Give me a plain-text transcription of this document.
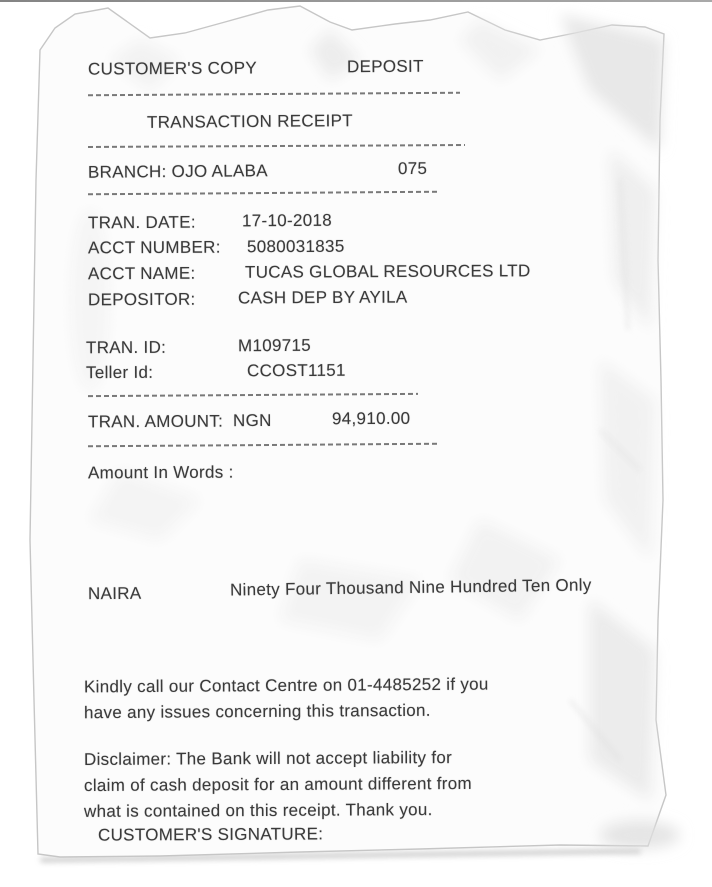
CUSTOMER'S COPY	DEPOSIT
TRANSACTION RECEIPT
BRANCH: OJO ALABA	075
TRAN. DATE:	17-10-2018
ACCT NUMBER: 5080031835
ACCT NAME:	TUCAS GLOBAL RESOURCES LTD
DEPOSITOR: CASH DEP BY AYILA
TRAN. ID:	M109715
Teller Id:	CCOST1151
TRAN. AMOUNT: NGN	94,910.00
Amount In Words :
NAIRA	Ninety Four Thousand Nine Hundred Ten Only
Kindly call our Contact Centre on 01-4485252 if you
have any issues concerning this transaction.
Disclaimer: The Bank will not accept liability for
claim of cash deposit for an amount different from
what is contained on this receipt. Thank you.
CUSTOMER'S SIGNATURE:
